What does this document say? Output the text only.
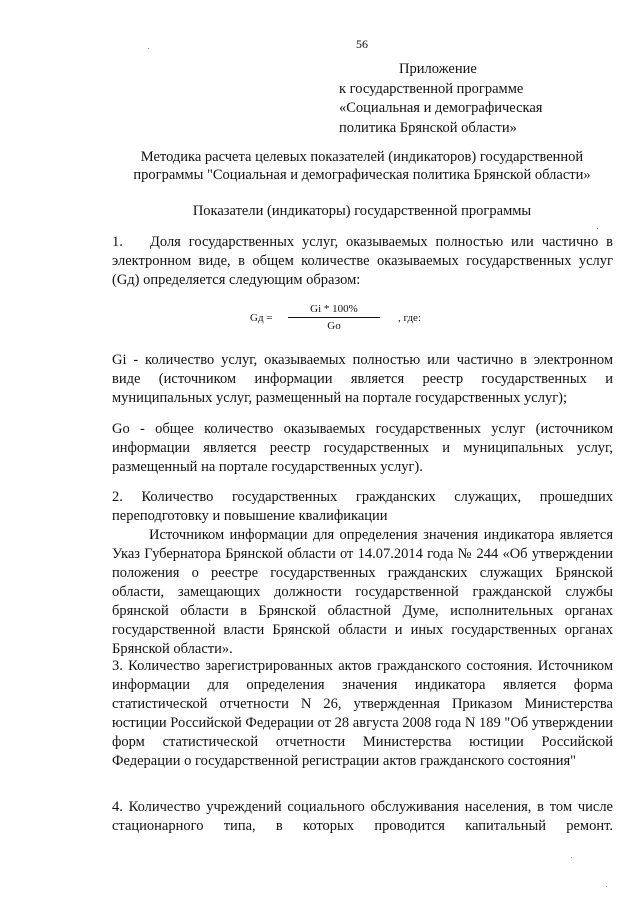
56
Приложение
к государственной программе
«Социальная и демографическая
политика Брянской области»
Методика расчета целевых показателей (индикаторов) государственной
программы "Социальная и демографическая политика Брянской области»
Показатели (индикаторы) государственной программы

1. Доля государственных услуг, оказываемых полностью или частично в электронном виде, в общем количестве оказываемых государственных услуг (Gд) определяется следующим образом:

Gд =
Gi * 100%
Go
, где:

Gi - количество услуг, оказываемых полностью или частично в электронном виде (источником информации является реестр государственных и муниципальных услуг, размещенный на портале государственных услуг);

Go - общее количество оказываемых государственных услуг (источником информации является реестр государственных и муниципальных услуг, размещенный на портале государственных услуг).

2. Количество государственных гражданских служащих, прошедших переподготовку и повышение квалификации

Источником информации для определения значения индикатора является Указ Губернатора Брянской области от 14.07.2014 года № 244 «Об утверждении положения о реестре государственных гражданских служащих Брянской области, замещающих должности государственной гражданской службы брянской области в Брянской областной Думе, исполнительных органах государственной власти Брянской области и иных государственных органах Брянской области».

3. Количество зарегистрированных актов гражданского состояния. Источником информации для определения значения индикатора является форма статистической отчетности N 26, утвержденная Приказом Министерства юстиции Российской Федерации от 28 августа 2008 года N 189 "Об утверждении форм статистической отчетности Министерства юстиции Российской Федерации о государственной регистрации актов гражданского состояния"

4. Количество учреждений социального обслуживания населения, в том числе стационарного типа, в которых проводится капитальный ремонт.
